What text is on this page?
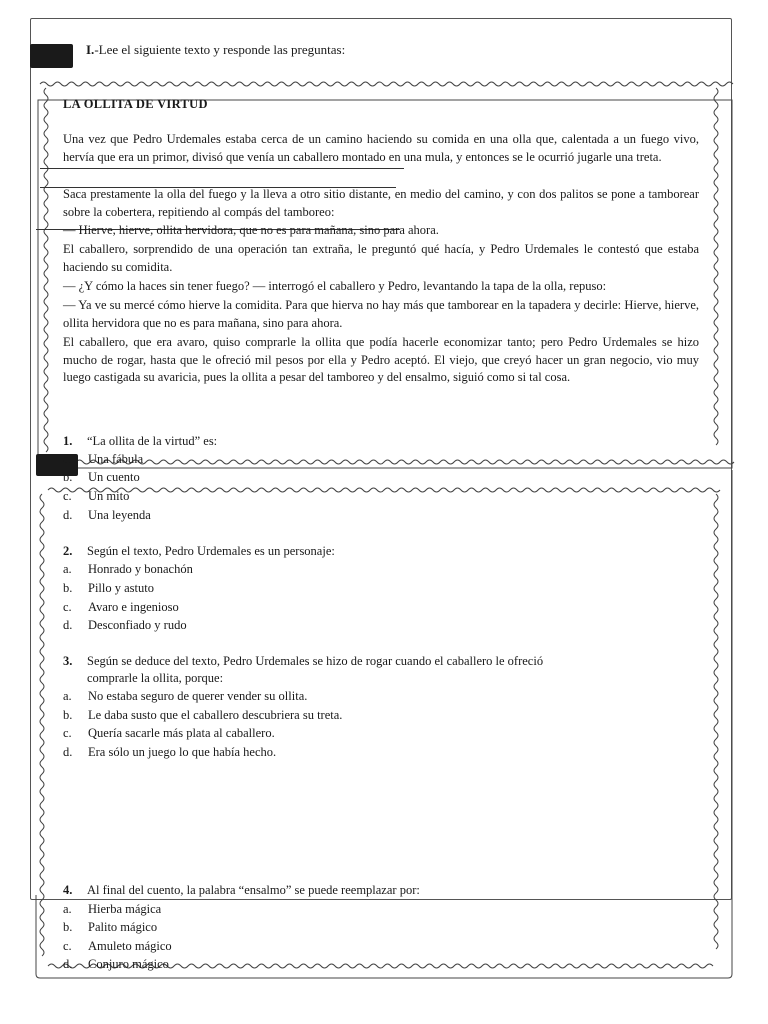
I.-Lee el siguiente texto y responde las preguntas:
LA OLLITA DE VIRTUD
Una vez que Pedro Urdemales estaba cerca de un camino haciendo su comida en una olla que, calentada a un fuego vivo, hervía que era un primor, divisó que venía un caballero montado en una mula, y entonces se le ocurrió jugarle una treta.
Saca prestamente la olla del fuego y la lleva a otro sitio distante, en medio del camino, y con dos palitos se pone a tamborear sobre la cobertera, repitiendo al compás del tamboreo:
— Hierve, hierve, ollita hervidora, que no es para mañana, sino para ahora.
El caballero, sorprendido de una operación tan extraña, le preguntó qué hacía, y Pedro Urdemales le contestó que estaba haciendo su comidita.
— ¿Y cómo la haces sin tener fuego? — interrogó el caballero y Pedro, levantando la tapa de la olla, repuso:
— Ya ve su mercé cómo hierve la comidita. Para que hierva no hay más que tamborear en la tapadera y decirle: Hierve, hierve, ollita hervidora que no es para mañana, sino para ahora.
El caballero, que era avaro, quiso comprarle la ollita que podía hacerle economizar tanto; pero Pedro Urdemales se hizo mucho de rogar, hasta que le ofreció mil pesos por ella y Pedro aceptó. El viejo, que creyó hacer un gran negocio, vio muy luego castigada su avaricia, pues la ollita a pesar del tamboreo y del ensalmo, siguió como si tal cosa.
1. “La ollita de la virtud” es:
a. Una fábula
b. Un cuento
c. Un mito
d. Una leyenda
2. Según el texto, Pedro Urdemales es un personaje:
a. Honrado y bonachón
b. Pillo y astuto
c. Avaro e ingenioso
d. Desconfiado y rudo
3. Según se deduce del texto, Pedro Urdemales se hizo de rogar cuando el caballero le ofreció
comprarle la ollita, porque:
a. No estaba seguro de querer vender su ollita.
b. Le daba susto que el caballero descubriera su treta.
c. Quería sacarle más plata al caballero.
d. Era sólo un juego lo que había hecho.
4. Al final del cuento, la palabra “ensalmo” se puede reemplazar por:
a. Hierba mágica
b. Palito mágico
c. Amuleto mágico
d. Conjuro mágico
